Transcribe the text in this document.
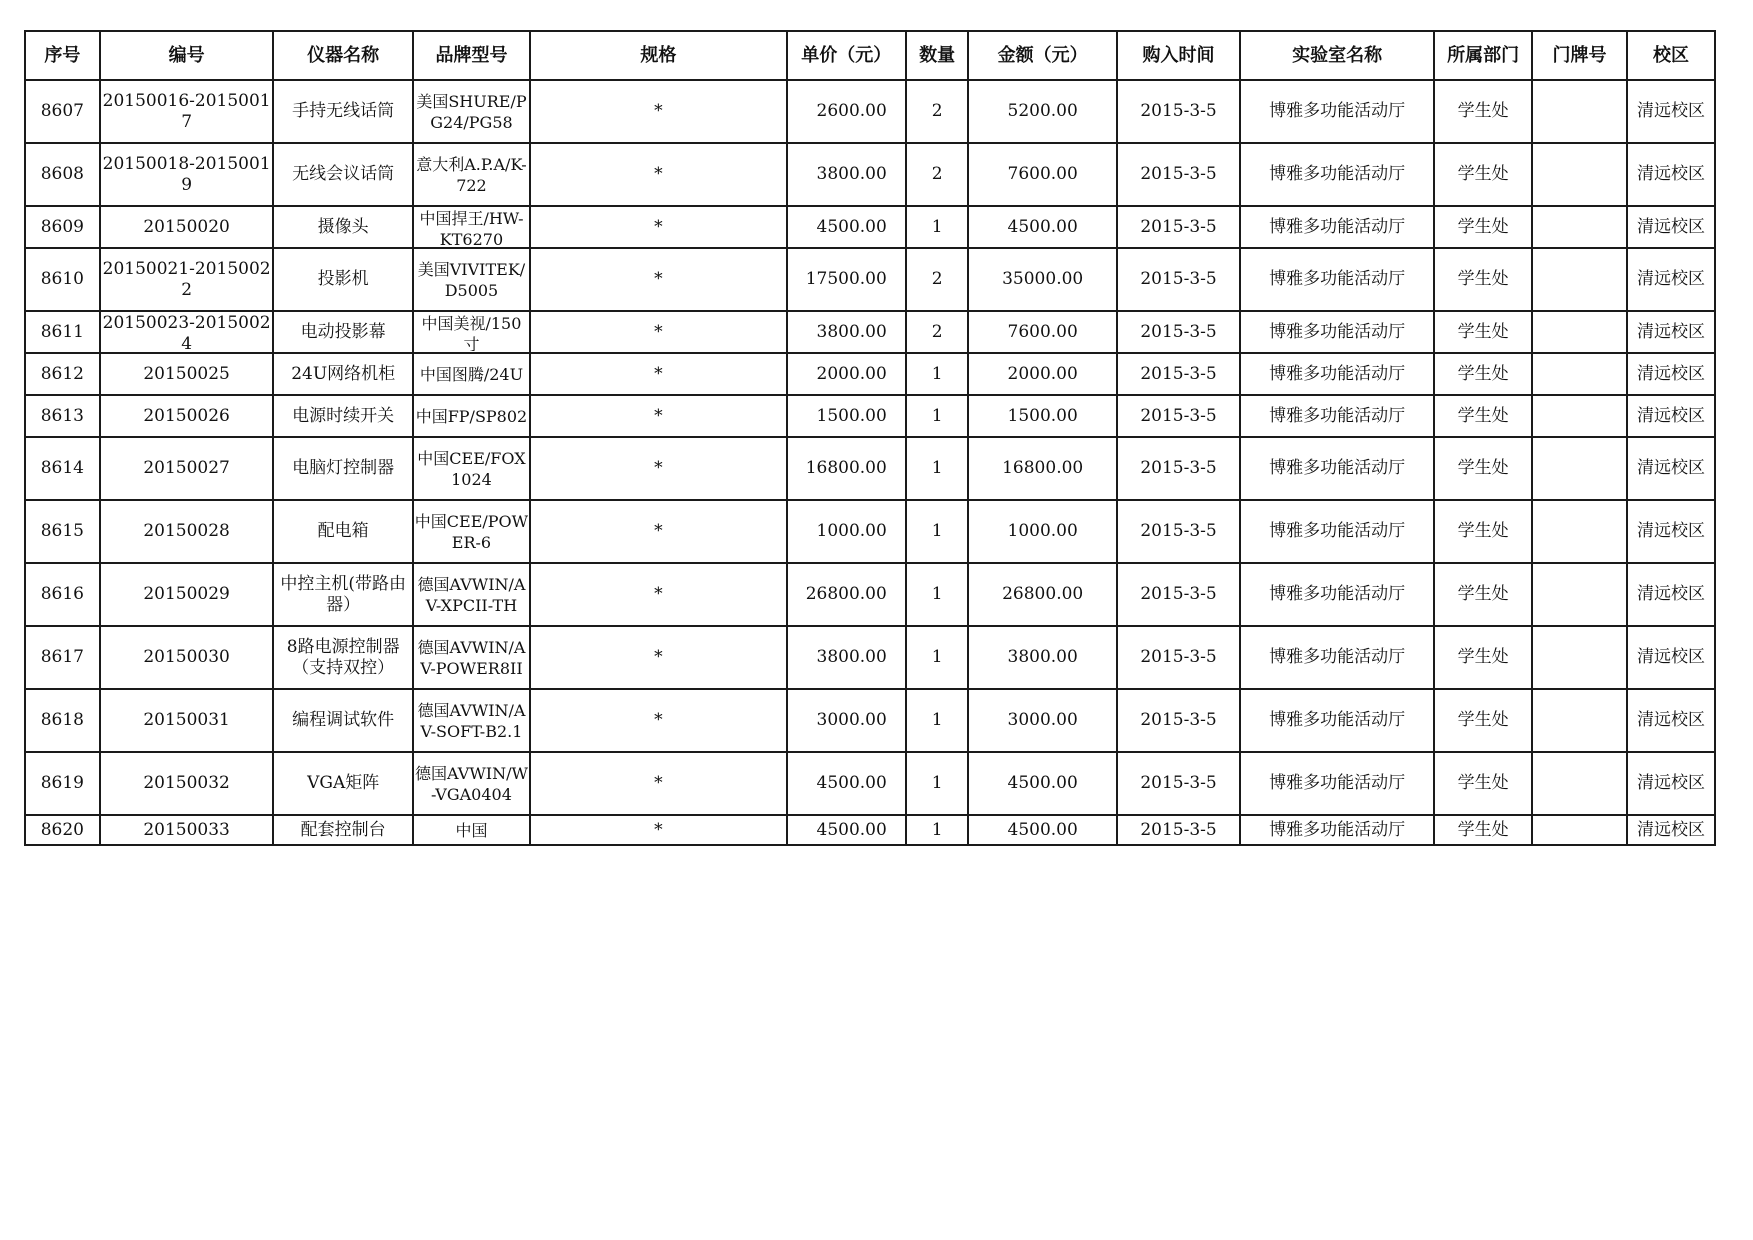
序号	编号	仪器名称	品牌型号	规格	单价（元）	数量	金额（元）	购入时间	实验室名称	所属部门	门牌号	校区

8607	20150016-20150017	手持无线话筒	美国SHURE/PG24/PG58	*	2600.00	2	5200.00	2015-3-5	博雅多功能活动厅	学生处		清远校区

8608	20150018-20150019	无线会议话筒	意大利A.P.A/K-722	*	3800.00	2	7600.00	2015-3-5	博雅多功能活动厅	学生处		清远校区

8609	20150020	摄像头	中国捍王/HW-KT6270	*	4500.00	1	4500.00	2015-3-5	博雅多功能活动厅	学生处		清远校区

8610	20150021-20150022	投影机	美国VIVITEK/D5005	*	17500.00	2	35000.00	2015-3-5	博雅多功能活动厅	学生处		清远校区

8611	20150023-20150024	电动投影幕	中国美视/150寸	*	3800.00	2	7600.00	2015-3-5	博雅多功能活动厅	学生处		清远校区

8612	20150025	24U网络机柜	中国图腾/24U	*	2000.00	1	2000.00	2015-3-5	博雅多功能活动厅	学生处		清远校区

8613	20150026	电源时续开关	中国FP/SP802	*	1500.00	1	1500.00	2015-3-5	博雅多功能活动厅	学生处		清远校区

8614	20150027	电脑灯控制器	中国CEE/FOX1024	*	16800.00	1	16800.00	2015-3-5	博雅多功能活动厅	学生处		清远校区

8615	20150028	配电箱	中国CEE/POWER-6	*	1000.00	1	1000.00	2015-3-5	博雅多功能活动厅	学生处		清远校区

8616	20150029	中控主机(带路由器）	德国AVWIN/AV-XPCII-TH	*	26800.00	1	26800.00	2015-3-5	博雅多功能活动厅	学生处		清远校区

8617	20150030	8路电源控制器（支持双控）	德国AVWIN/AV-POWER8II	*	3800.00	1	3800.00	2015-3-5	博雅多功能活动厅	学生处		清远校区

8618	20150031	编程调试软件	德国AVWIN/AV-SOFT-B2.1	*	3000.00	1	3000.00	2015-3-5	博雅多功能活动厅	学生处		清远校区

8619	20150032	VGA矩阵	德国AVWIN/W-VGA0404	*	4500.00	1	4500.00	2015-3-5	博雅多功能活动厅	学生处		清远校区

8620	20150033	配套控制台	中国	*	4500.00	1	4500.00	2015-3-5	博雅多功能活动厅	学生处		清远校区
